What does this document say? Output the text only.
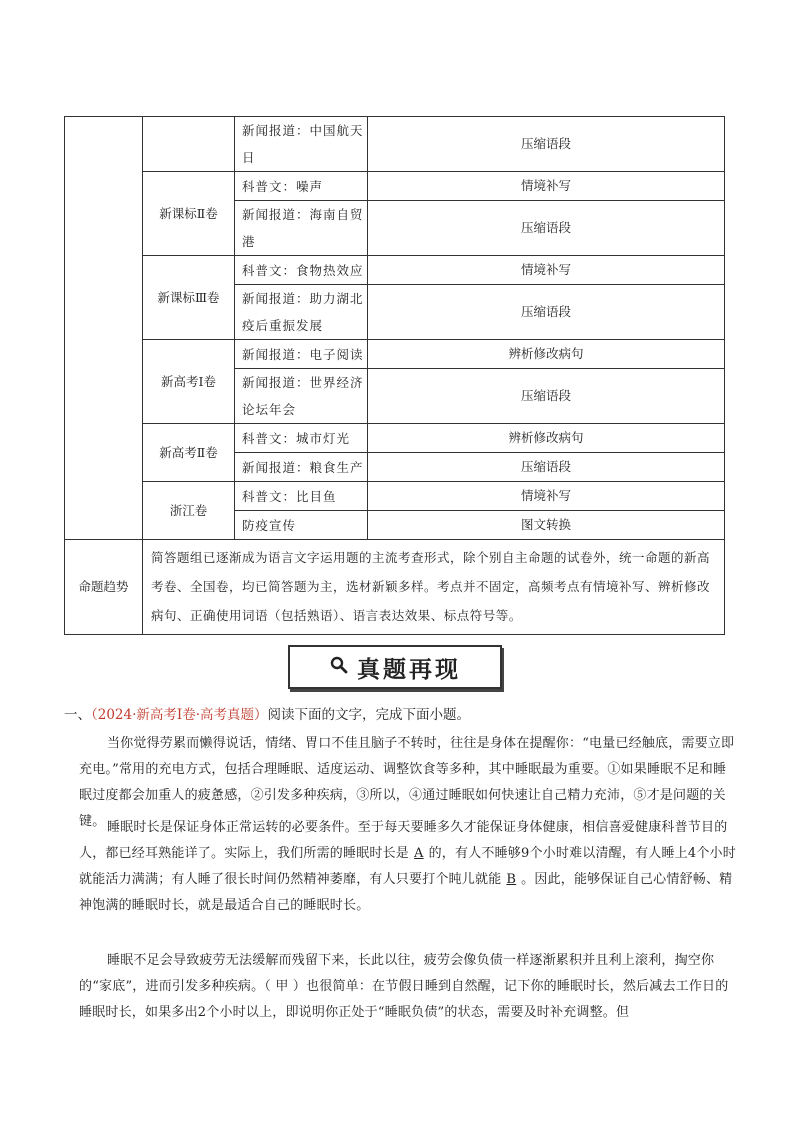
		新闻报道：中国航天日	压缩语段
	新课标Ⅱ卷	科普文：噪声	情境补写
		新闻报道：海南自贸港	压缩语段
	新课标Ⅲ卷	科普文：食物热效应	情境补写
		新闻报道：助力湖北疫后重振发展	压缩语段
	新高考Ⅰ卷	新闻报道：电子阅读	辨析修改病句
		新闻报道：世界经济论坛年会	压缩语段
	新高考Ⅱ卷	科普文：城市灯光	辨析修改病句
		新闻报道：粮食生产	压缩语段
	浙江卷	科普文：比目鱼	情境补写
		防疫宣传	图文转换
命题趋势	简答题组已逐渐成为语言文字运用题的主流考查形式，除个别自主命题的试卷外，统一命题的新高考卷、全国卷，均已简答题为主，选材新颖多样。考点并不固定，高频考点有情境补写、辨析修改病句、正确使用词语（包括熟语）、语言表达效果、标点符号等。		
真题再现
一、（2024·新高考Ⅰ卷·高考真题）阅读下面的文字，完成下面小题。
当你觉得劳累而懒得说话，情绪、胃口不佳且脑子不转时，往往是身体在提醒你：“电量已经触底，需要立即充电。”常用的充电方式，包括合理睡眠、适度运动、调整饮食等多种，其中睡眠最为重要。①如果睡眠不足和睡眠过度都会加重人的疲惫感，②引发多种疾病，③所以，④通过睡眠如何快速让自己精力充沛，⑤才是问题的关键。 睡眠时长是保证身体正常运转的必要条件。至于每天要睡多久才能保证身体健康，相信喜爱健康科普节目的人，都已经耳熟能详了。实际上，我们所需的睡眠时长是 A 的，有人不睡够9个小时难以清醒，有人睡上4个小时就能活力满满；有人睡了很长时间仍然精神萎靡，有人只要打个盹儿就能 B 。因此，能够保证自己心情舒畅、精神饱满的睡眠时长，就是最适合自己的睡眠时长。
睡眠不足会导致疲劳无法缓解而残留下来，长此以往，疲劳会像负债一样逐渐累积并且利上滚利，掏空你的“家底”，进而引发多种疾病。（ 甲 ）也很简单：在节假日睡到自然醒，记下你的睡眠时长，然后减去工作日的睡眠时长，如果多出2个小时以上，即说明你正处于“睡眠负债”的状态，需要及时补充调整。但
